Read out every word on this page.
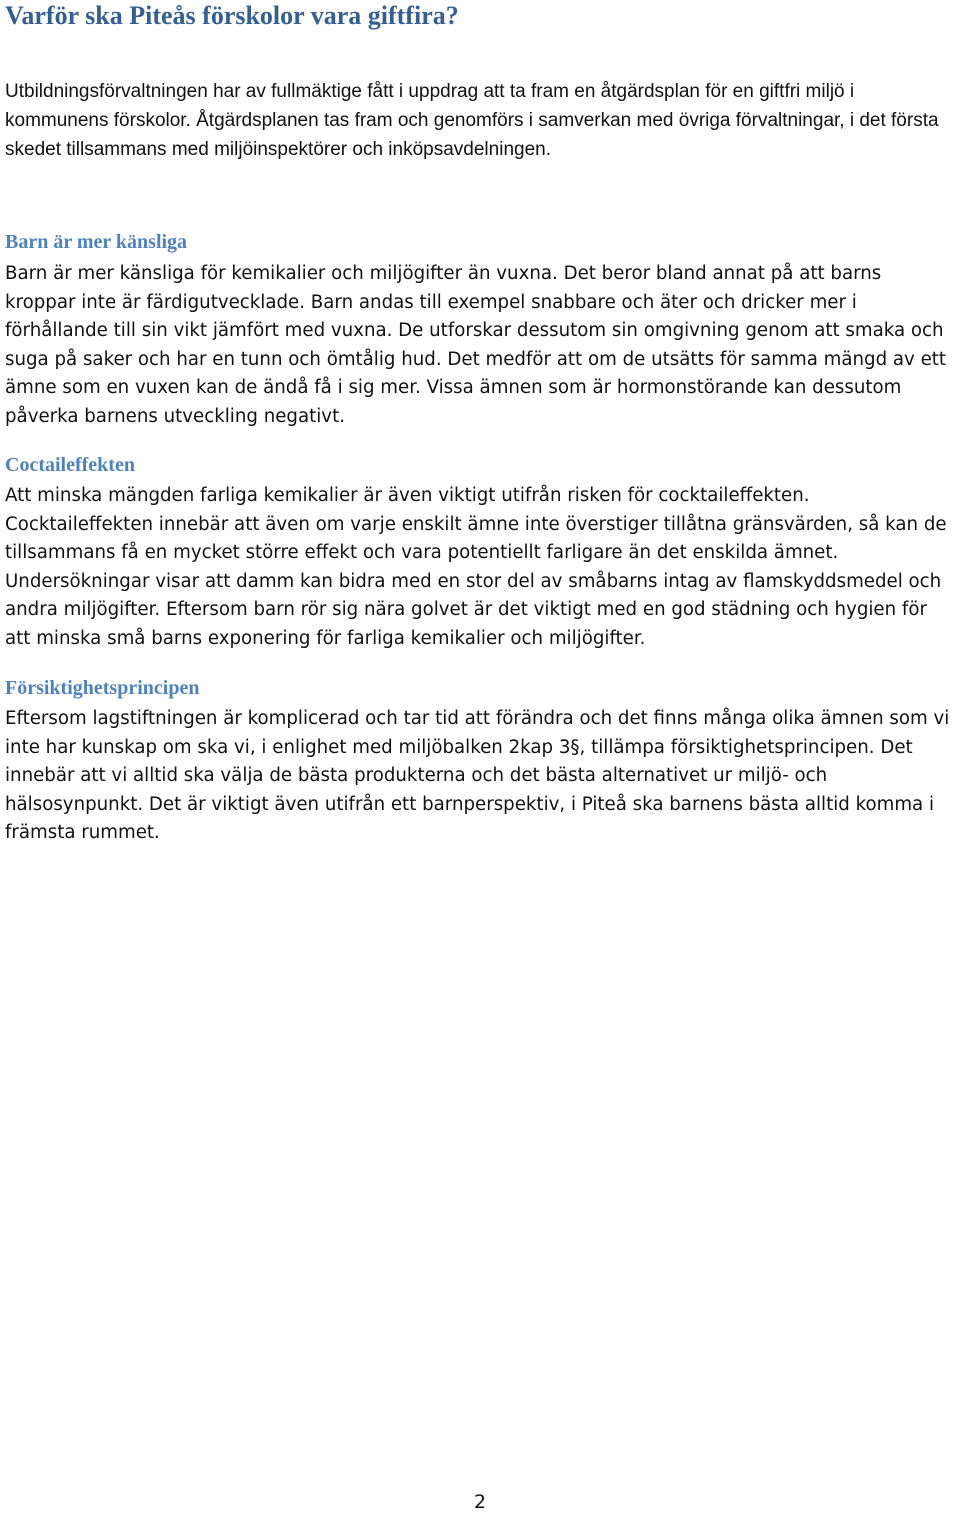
Varför ska Piteås förskolor vara giftfira?

Utbildningsförvaltningen har av fullmäktige fått i uppdrag att ta fram en åtgärdsplan för en giftfri miljö i kommunens förskolor. Åtgärdsplanen tas fram och genomförs i samverkan med övriga förvaltningar, i det första skedet tillsammans med miljöinspektörer och inköpsavdelningen.

Barn är mer känsliga

Barn är mer känsliga för kemikalier och miljögifter än vuxna. Det beror bland annat på att barns kroppar inte är färdigutvecklade. Barn andas till exempel snabbare och äter och dricker mer i förhållande till sin vikt jämfört med vuxna. De utforskar dessutom sin omgivning genom att smaka och suga på saker och har en tunn och ömtålig hud. Det medför att om de utsätts för samma mängd av ett ämne som en vuxen kan de ändå få i sig mer. Vissa ämnen som är hormonstörande kan dessutom påverka barnens utveckling negativt.

Coctaileffekten

Att minska mängden farliga kemikalier är även viktigt utifrån risken för cocktaileffekten. Cocktaileffekten innebär att även om varje enskilt ämne inte överstiger tillåtna gränsvärden, så kan de tillsammans få en mycket större effekt och vara potentiellt farligare än det enskilda ämnet. Undersökningar visar att damm kan bidra med en stor del av småbarns intag av flamskyddsmedel och andra miljögifter. Eftersom barn rör sig nära golvet är det viktigt med en god städning och hygien för att minska små barns exponering för farliga kemikalier och miljögifter.

Försiktighetsprincipen

Eftersom lagstiftningen är komplicerad och tar tid att förändra och det finns många olika ämnen som vi inte har kunskap om ska vi, i enlighet med miljöbalken 2kap 3§, tillämpa försiktighetsprincipen. Det innebär att vi alltid ska välja de bästa produkterna och det bästa alternativet ur miljö- och hälsosynpunkt. Det är viktigt även utifrån ett barnperspektiv, i Piteå ska barnens bästa alltid komma i främsta rummet.

2
